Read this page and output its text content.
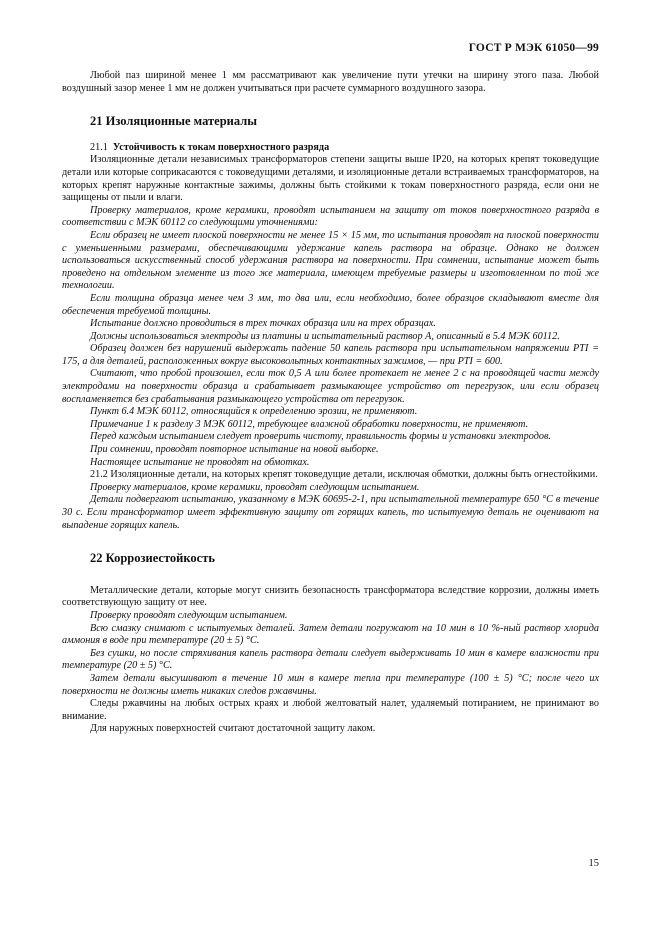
ГОСТ Р МЭК 61050—99

Любой паз шириной менее 1 мм рассматривают как увеличение пути утечки на ширину этого паза. Любой воздушный зазор менее 1 мм не должен учитываться при расчете суммарного воздушного зазора.

21 Изоляционные материалы

21.1 Устойчивость к токам поверхностного разряда

Изоляционные детали независимых трансформаторов степени защиты выше IP20, на которых крепят токоведущие детали или которые соприкасаются с токоведущими деталями, и изоляционные детали встраиваемых трансформаторов, на которых крепят наружные контактные зажимы, должны быть стойкими к токам поверхностного разряда, если они не защищены от пыли и влаги.

Проверку материалов, кроме керамики, проводят испытанием на защиту от токов поверхностного разряда в соответствии с МЭК 60112 со следующими уточнениями:

Если образец не имеет плоской поверхности не менее 15 × 15 мм, то испытания проводят на плоской поверхности с уменьшенными размерами, обеспечивающими удержание капель раствора на образце. Однако не должен использоваться искусственный способ удержания раствора на поверхности. При сомнении, испытание может быть проведено на отдельном элементе из того же материала, имеющем требуемые размеры и изготовленном по той же технологии.

Если толщина образца менее чем 3 мм, то два или, если необходимо, более образцов складывают вместе для обеспечения требуемой толщины.

Испытание должно проводиться в трех точках образца или на трех образцах.

Должны использоваться электроды из платины и испытательный раствор А, описанный в 5.4 МЭК 60112.

Образец должен без нарушений выдержать падение 50 капель раствора при испытательном напряжении PTI = 175, а для деталей, расположенных вокруг высоковольтных контактных зажимов, — при PTI = 600.

Считают, что пробой произошел, если ток 0,5 А или более протекает не менее 2 с на проводящей части между электродами на поверхности образца и срабатывает размыкающее устройство от перегрузок, или если образец воспламеняется без срабатывания размыкающего устройства от перегрузок.

Пункт 6.4 МЭК 60112, относящийся к определению эрозии, не применяют.

Примечание 1 к разделу 3 МЭК 60112, требующее влажной обработки поверхности, не применяют.

Перед каждым испытанием следует проверить чистоту, правильность формы и установки электродов.

При сомнении, проводят повторное испытание на новой выборке.

Настоящее испытание не проводят на обмотках.

21.2 Изоляционные детали, на которых крепят токоведущие детали, исключая обмотки, должны быть огнестойкими.

Проверку материалов, кроме керамики, проводят следующим испытанием.

Детали подвергают испытанию, указанному в МЭК 60695-2-1, при испытательной температуре 650 °С в течение 30 с. Если трансформатор имеет эффективную защиту от горящих капель, то испытуемую деталь не оценивают на выпадение горящих капель.

22 Коррозиестойкость

Металлические детали, которые могут снизить безопасность трансформатора вследствие коррозии, должны иметь соответствующую защиту от нее.

Проверку проводят следующим испытанием.

Всю смазку снимают с испытуемых деталей. Затем детали погружают на 10 мин в 10 %-ный раствор хлорида аммония в воде при температуре (20 ± 5) °С.

Без сушки, но после стряхивания капель раствора детали следует выдерживать 10 мин в камере влажности при температуре (20 ± 5) °С.

Затем детали высушивают в течение 10 мин в камере тепла при температуре (100 ± 5) °С; после чего их поверхности не должны иметь никаких следов ржавчины.

Следы ржавчины на любых острых краях и любой желтоватый налет, удаляемый потиранием, не принимают во внимание.

Для наружных поверхностей считают достаточной защиту лаком.

15
